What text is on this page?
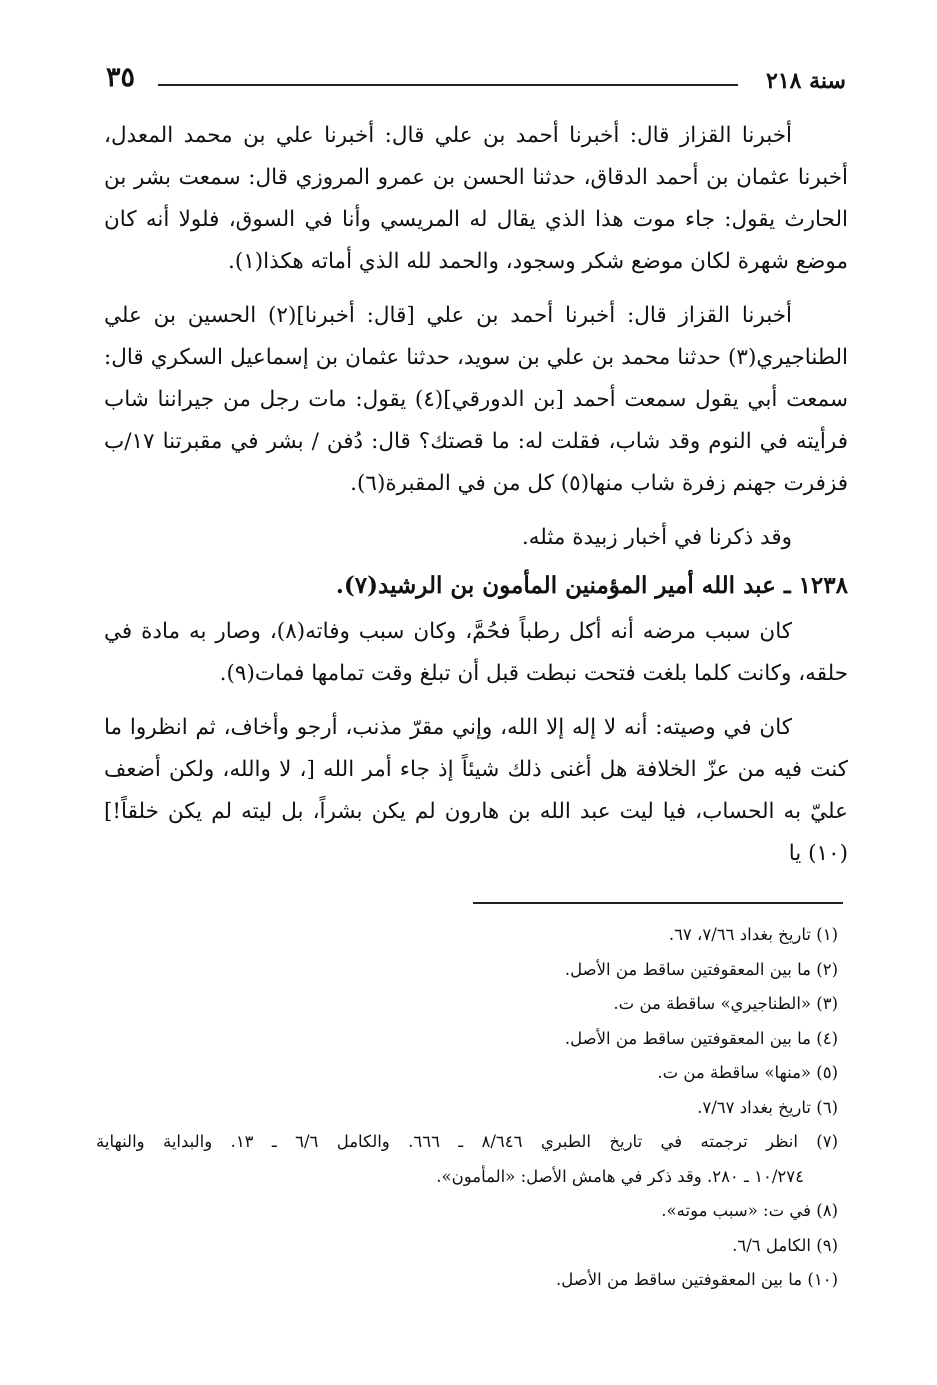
سنة ٢١٨
٣٥

أخبرنا القزاز قال: أخبرنا أحمد بن علي قال: أخبرنا علي بن محمد المعدل، أخبرنا عثمان بن أحمد الدقاق، حدثنا الحسن بن عمرو المروزي قال: سمعت بشر بن الحارث يقول: جاء موت هذا الذي يقال له المريسي وأنا في السوق، فلولا أنه كان موضع شهرة لكان موضع شكر وسجود، والحمد لله الذي أماته هكذا(١).

أخبرنا القزاز قال: أخبرنا أحمد بن علي [قال: أخبرنا](٢) الحسين بن علي الطناجيري(٣) حدثنا محمد بن علي بن سويد، حدثنا عثمان بن إسماعيل السكري قال: سمعت أبي يقول سمعت أحمد [بن الدورقي](٤) يقول: مات رجل من جيراننا شاب فرأيته في النوم وقد شاب، فقلت له: ما قصتك؟ قال: دُفن / بشر في مقبرتنا ١٧/ب فزفرت جهنم زفرة شاب منها(٥) كل من في المقبرة(٦).

وقد ذكرنا في أخبار زبيدة مثله.

١٢٣٨ ـ عبد الله أمير المؤمنين المأمون بن الرشيد(٧).

كان سبب مرضه أنه أكل رطباً فحُمَّ، وكان سبب وفاته(٨)، وصار به مادة في حلقه، وكانت كلما بلغت فتحت نبطت قبل أن تبلغ وقت تمامها فمات(٩).

كان في وصيته: أنه لا إله إلا الله، وإني مقرّ مذنب، أرجو وأخاف، ثم انظروا ما كنت فيه من عزّ الخلافة هل أغنى ذلك شيئاً إذ جاء أمر الله [، لا والله، ولكن أضعف عليّ به الحساب، فيا ليت عبد الله بن هارون لم يكن بشراً، بل ليته لم يكن خلقاً!](١٠) يا

(١) تاريخ بغداد ٧/٦٦، ٦٧.
(٢) ما بين المعقوفتين ساقط من الأصل.
(٣) «الطناجيري» ساقطة من ت.
(٤) ما بين المعقوفتين ساقط من الأصل.
(٥) «منها» ساقطة من ت.
(٦) تاريخ بغداد ٧/٦٧.
(٧) انظر ترجمته في تاريخ الطبري ٨/٦٤٦ ـ ٦٦٦. والكامل ٦/٦ ـ ١٣. والبداية والنهاية
١٠/٢٧٤ ـ ٢٨٠. وقد ذكر في هامش الأصل: «المأمون».
(٨) في ت: «سبب موته».
(٩) الكامل ٦/٦.
(١٠) ما بين المعقوفتين ساقط من الأصل.
